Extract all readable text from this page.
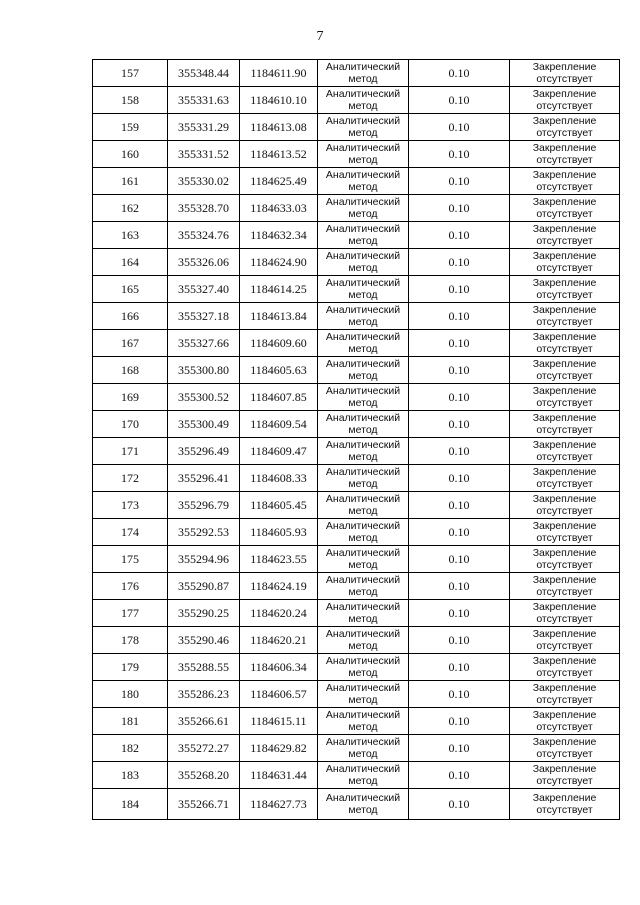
7
157	355348.44	1184611.90	Аналитический
метод	0.10	Закрепление
отсутствует

158	355331.63	1184610.10	Аналитический
метод	0.10	Закрепление
отсутствует

159	355331.29	1184613.08	Аналитический
метод	0.10	Закрепление
отсутствует

160	355331.52	1184613.52	Аналитический
метод	0.10	Закрепление
отсутствует

161	355330.02	1184625.49	Аналитический
метод	0.10	Закрепление
отсутствует

162	355328.70	1184633.03	Аналитический
метод	0.10	Закрепление
отсутствует

163	355324.76	1184632.34	Аналитический
метод	0.10	Закрепление
отсутствует

164	355326.06	1184624.90	Аналитический
метод	0.10	Закрепление
отсутствует

165	355327.40	1184614.25	Аналитический
метод	0.10	Закрепление
отсутствует

166	355327.18	1184613.84	Аналитический
метод	0.10	Закрепление
отсутствует

167	355327.66	1184609.60	Аналитический
метод	0.10	Закрепление
отсутствует

168	355300.80	1184605.63	Аналитический
метод	0.10	Закрепление
отсутствует

169	355300.52	1184607.85	Аналитический
метод	0.10	Закрепление
отсутствует

170	355300.49	1184609.54	Аналитический
метод	0.10	Закрепление
отсутствует

171	355296.49	1184609.47	Аналитический
метод	0.10	Закрепление
отсутствует

172	355296.41	1184608.33	Аналитический
метод	0.10	Закрепление
отсутствует

173	355296.79	1184605.45	Аналитический
метод	0.10	Закрепление
отсутствует

174	355292.53	1184605.93	Аналитический
метод	0.10	Закрепление
отсутствует

175	355294.96	1184623.55	Аналитический
метод	0.10	Закрепление
отсутствует

176	355290.87	1184624.19	Аналитический
метод	0.10	Закрепление
отсутствует

177	355290.25	1184620.24	Аналитический
метод	0.10	Закрепление
отсутствует

178	355290.46	1184620.21	Аналитический
метод	0.10	Закрепление
отсутствует

179	355288.55	1184606.34	Аналитический
метод	0.10	Закрепление
отсутствует

180	355286.23	1184606.57	Аналитический
метод	0.10	Закрепление
отсутствует

181	355266.61	1184615.11	Аналитический
метод	0.10	Закрепление
отсутствует

182	355272.27	1184629.82	Аналитический
метод	0.10	Закрепление
отсутствует

183	355268.20	1184631.44	Аналитический
метод	0.10	Закрепление
отсутствует

184	355266.71	1184627.73	Аналитический
метод	0.10	Закрепление
отсутствует
